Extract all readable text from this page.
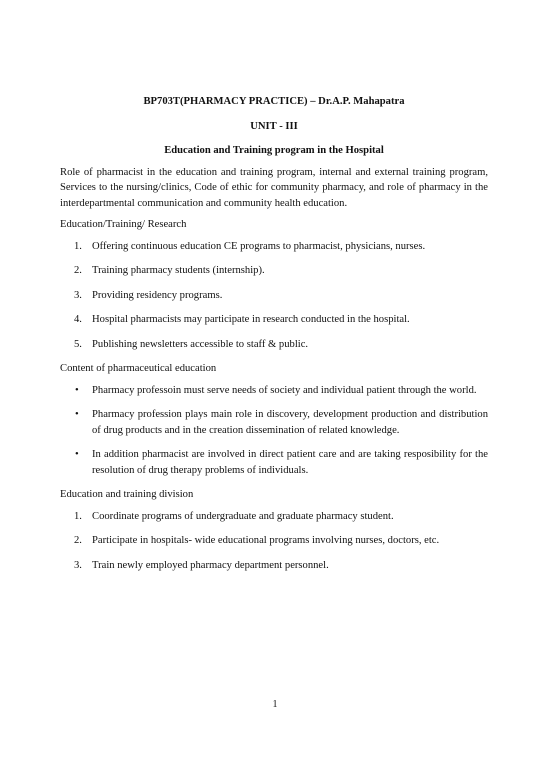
BP703T(PHARMACY PRACTICE) – Dr.A.P. Mahapatra

UNIT - III

Education and Training program in the Hospital

Role of pharmacist in the education and training program, internal and external training program, Services to the nursing/clinics, Code of ethic for community pharmacy, and role of pharmacy in the interdepartmental communication and community health education.

Education/Training/ Research

1. Offering continuous education CE programs to pharmacist, physicians, nurses.
2. Training pharmacy students (internship).
3. Providing residency programs.
4. Hospital pharmacists may participate in research conducted in the hospital.
5. Publishing newsletters accessible to staff & public.

Content of pharmaceutical education

• Pharmacy professoin must serve needs of society and individual patient through the world.
• Pharmacy profession plays main role in discovery, development production and distribution of drug products and in the creation dissemination of related knowledge.
• In addition pharmacist are involved in direct patient care and are taking resposibility for the resolution of drug therapy problems of individuals.

Education and training division

1. Coordinate programs of undergraduate and graduate pharmacy student.
2. Participate in hospitals- wide educational programs involving nurses, doctors, etc.
3. Train newly employed pharmacy department personnel.
1
